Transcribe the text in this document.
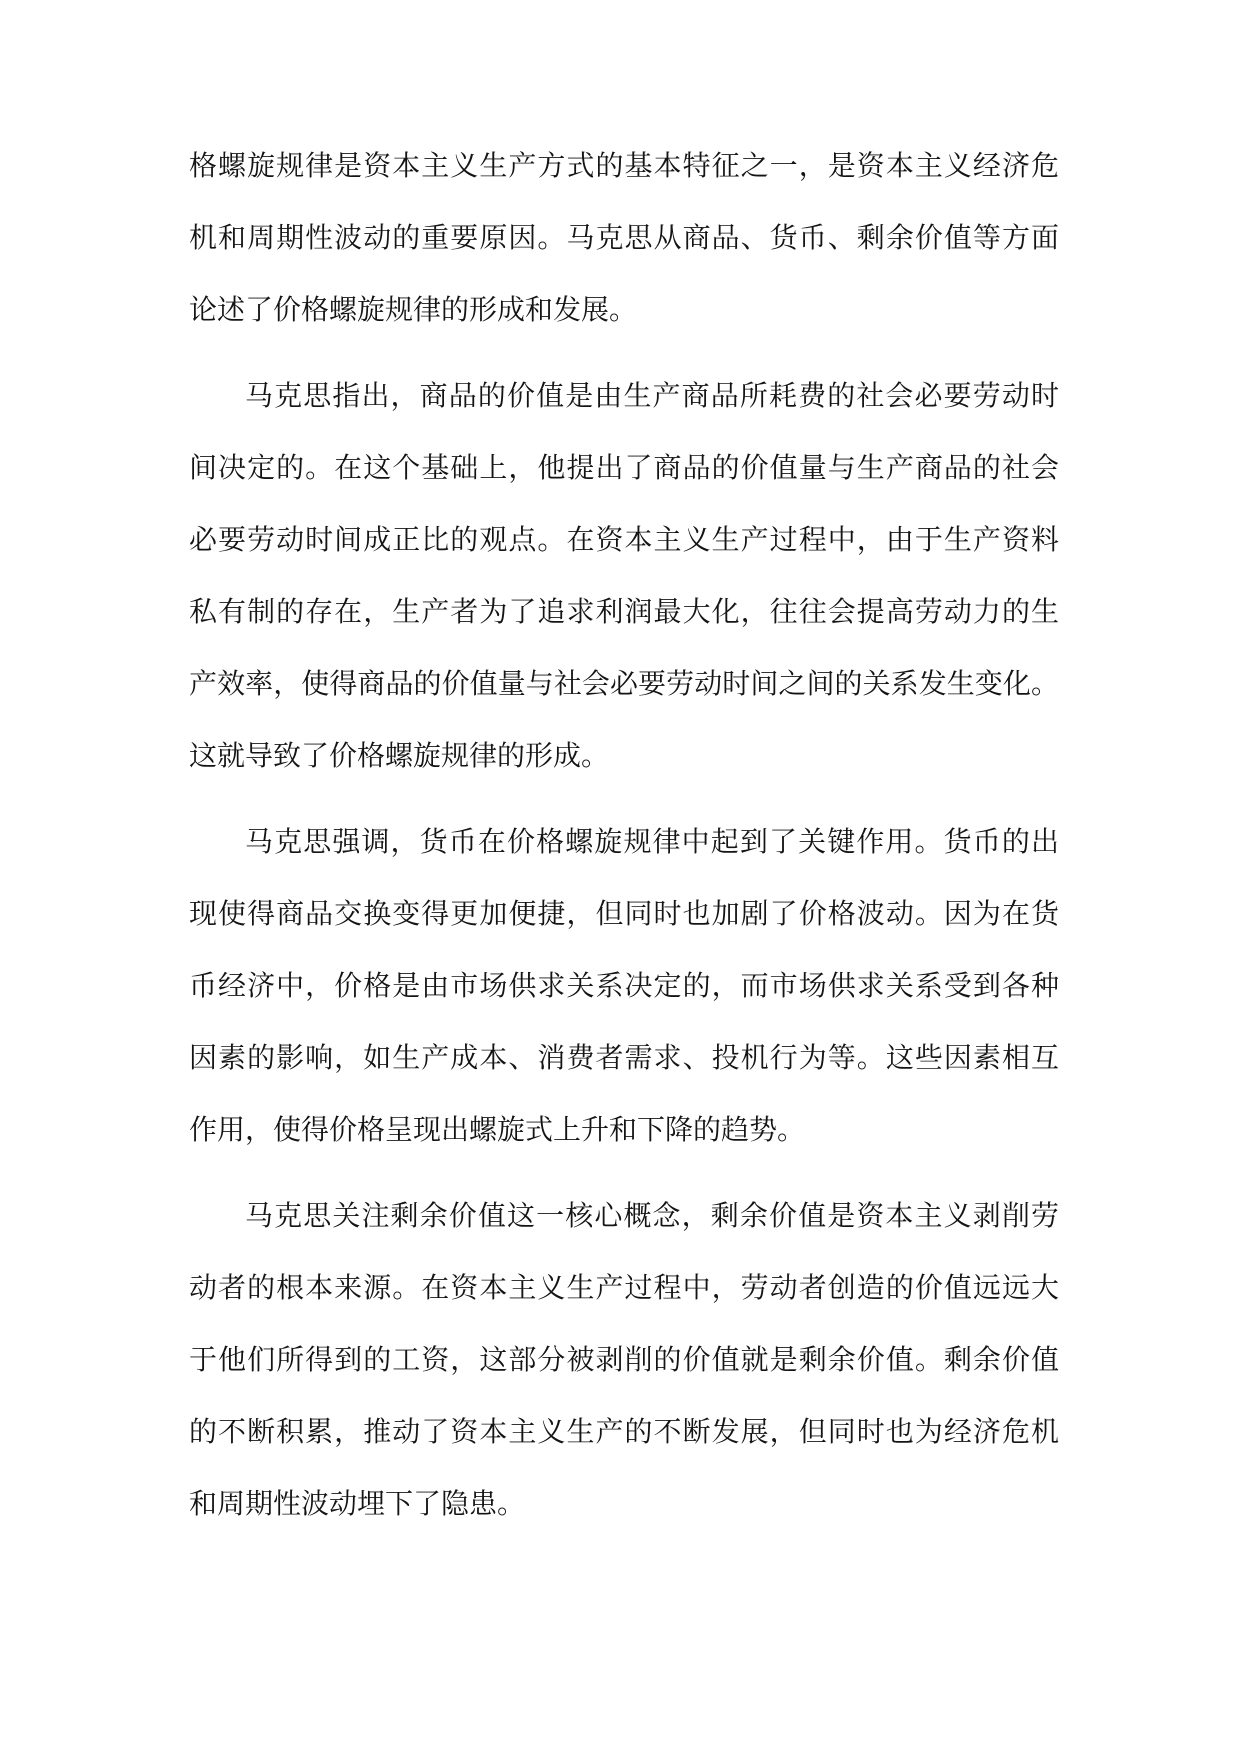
格螺旋规律是资本主义生产方式的基本特征之一，是资本主义经济危
机和周期性波动的重要原因。马克思从商品、货币、剩余价值等方面
论述了价格螺旋规律的形成和发展。
马克思指出，商品的价值是由生产商品所耗费的社会必要劳动时
间决定的。在这个基础上，他提出了商品的价值量与生产商品的社会
必要劳动时间成正比的观点。在资本主义生产过程中，由于生产资料
私有制的存在，生产者为了追求利润最大化，往往会提高劳动力的生
产效率，使得商品的价值量与社会必要劳动时间之间的关系发生变化。
这就导致了价格螺旋规律的形成。
马克思强调，货币在价格螺旋规律中起到了关键作用。货币的出
现使得商品交换变得更加便捷，但同时也加剧了价格波动。因为在货
币经济中，价格是由市场供求关系决定的，而市场供求关系受到各种
因素的影响，如生产成本、消费者需求、投机行为等。这些因素相互
作用，使得价格呈现出螺旋式上升和下降的趋势。
马克思关注剩余价值这一核心概念，剩余价值是资本主义剥削劳
动者的根本来源。在资本主义生产过程中，劳动者创造的价值远远大
于他们所得到的工资，这部分被剥削的价值就是剩余价值。剩余价值
的不断积累，推动了资本主义生产的不断发展，但同时也为经济危机
和周期性波动埋下了隐患。
